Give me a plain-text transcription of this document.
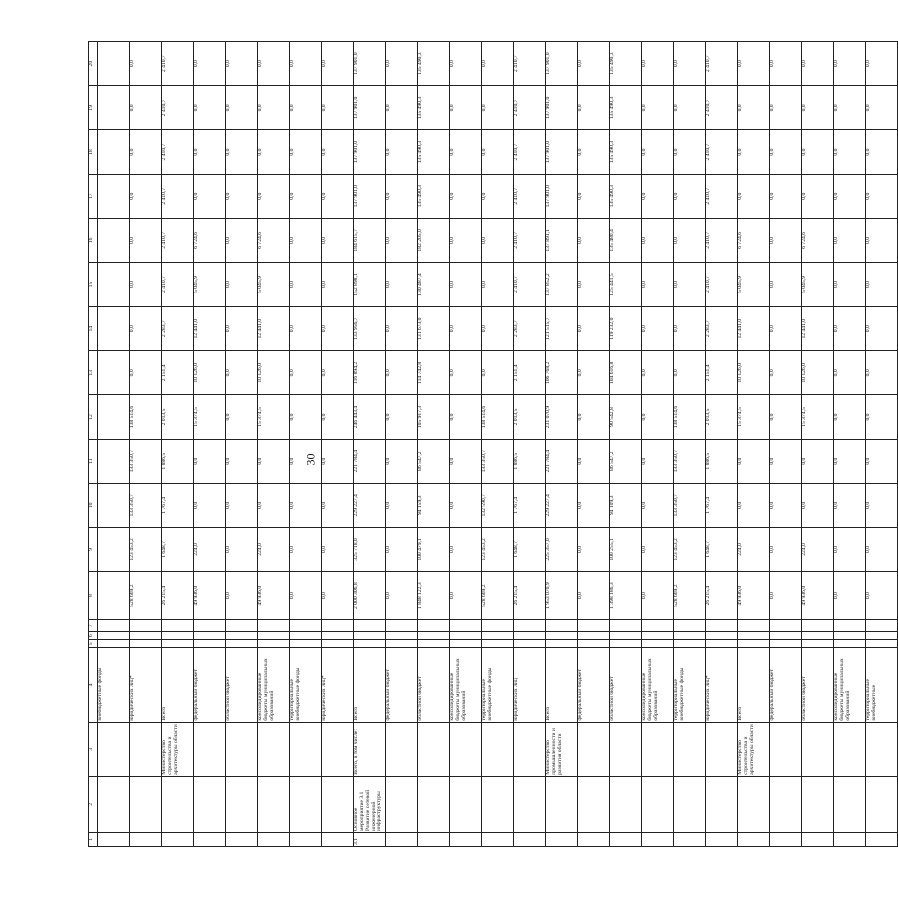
30
1	2	3	4	5	6	7	8	9	10	11	12	13	14	15	16	17	18	19	20
			внебюджетные фонды																
			юридических лиц*				528 669,2	123 453,2	133 350,7	133 350,7	138 514,6	0,0	0,0	0,0	0,0	0,0	0,0	0,0	0,0
		Министерство строительства и архитектуры области	Всего				26 215,4	1 648,7	1 767,4	1 886,5	2 013,5	2 151,4	2 283,7	2 410,7	2 410,7	2 410,7	2 410,7	2 410,7	2 410,7
			федеральный бюджет				49 936,0	224,0	0,0	0,0	15 374,5	10 126,0	12 441,0	5 045,9	6 724,6	0,0	0,0	0,0	0,0
			областной бюджет				0,0	0,0	0,0	0,0	0,0	0,0	0,0	0,0	0,0	0,0	0,0	0,0	0,0
			консолидированные бюджеты муниципальных образований				49 936,0	224,0	0,0	0,0	15 374,5	10 126,0	12 441,0	5 045,9	6 724,6	0,0	0,0	0,0	0,0
			территориальные внебюджетные фонды				0,0	0,0	0,0	0,0	0,0	0,0	0,0	0,0	0,0	0,0	0,0	0,0	0,0
			юридических лиц*				0,0	0,0	0,0	0,0	0,0	0,0	0,0	0,0	0,0	0,0	0,0	0,0	0,0
3.1	Основное мероприятие 3.1 Развитие сетевой инженерной инфраструктуры	Всего, в том числе:	Всего				2 000 306,8	325 718,0	229 227,4	221 784,4	246 443,4	116 894,2	133 956,7	152 898,1	184 615,7	137 901,0	137 901,0	137 901,0	137 901,0
			федеральный бюджет				0,0	0,0	0,0	0,0	0,0	0,0	0,0	0,0	0,0	0,0	0,0	0,0	0,0
			областной бюджет				1 848 122,3	100 479,1	94 159,3	86 547,2	105 917,3	114 742,8	131 673,0	130 487,4	182 205,0	135 490,3	135 490,3	135 490,3	135 490,3
			консолидированные бюджеты муниципальных образований				0,0	0,0	0,0	0,0	0,0	0,0	0,0	0,0	0,0	0,0	0,0	0,0	0,0
			территориальные внебюджетные фонды				528 669,2	123 453,2	132 590,7	133 350,7	138 514,6	0,0	0,0	0,0	0,0	0,0	0,0	0,0	0,0
			юридических лиц				26 215,4	1 648,7	1 767,4	1 886,5	2 013,5	2 151,4	2 283,7	2 410,7	2 410,7	2 410,7	2 410,7	2 410,7	2 410,7
		Министерство промышленности и развития области	Всего				1 953 070,9	225 357,0	229 227,4	221 784,4	231 070,9	106 768,2	121 515,7	137 852,2	137 891,1	137 901,0	137 901,0	137 901,0	137 901,0
			федеральный бюджет				0,0	0,0	0,0	0,0	0,0	0,0	0,0	0,0	0,0	0,0	0,0	0,0	0,0
			областной бюджет				1 398 186,3	100 255,1	94 109,3	86 547,2	90 542,8	104 616,8	119 232,0	125 441,5	135 480,4	135 490,3	135 490,3	135 490,3	135 490,3
			консолидированные бюджеты муниципальных образований				0,0	0,0	0,0	0,0	0,0	0,0	0,0	0,0	0,0	0,0	0,0	0,0	0,0
			территориальные внебюджетные фонды				528 669,2	123 453,2	133 350,7	133 350,7	138 514,6	0,0	0,0	0,0	0,0	0,0	0,0	0,0	0,0
			юридических лиц*				26 215,4	1 648,7	1 767,4	1 886,5	2 013,5	2 151,4	2 283,7	2 410,7	2 410,7	2 410,7	2 410,7	2 410,7	2 410,7
		Министерство строительства и архитектуры области	Всего				49 936,0	224,0	0,0	0,0	15 374,5	10 126,0	12 441,0	5 045,9	6 724,6	0,0	0,0	0,0	0,0
			федеральный бюджет				0,0	0,0	0,0	0,0	0,0	0,0	0,0	0,0	0,0	0,0	0,0	0,0	0,0
			областной бюджет				49 936,0	224,0	0,0	0,0	15 374,5	10 126,0	12 441,0	5 045,9	6 724,6	0,0	0,0	0,0	0,0
			консолидированные бюджеты муниципальных образований				0,0	0,0	0,0	0,0	0,0	0,0	0,0	0,0	0,0	0,0	0,0	0,0	0,0
			территориальные внебюджетные				0,0	0,0	0,0	0,0	0,0	0,0	0,0	0,0	0,0	0,0	0,0	0,0	0,0
